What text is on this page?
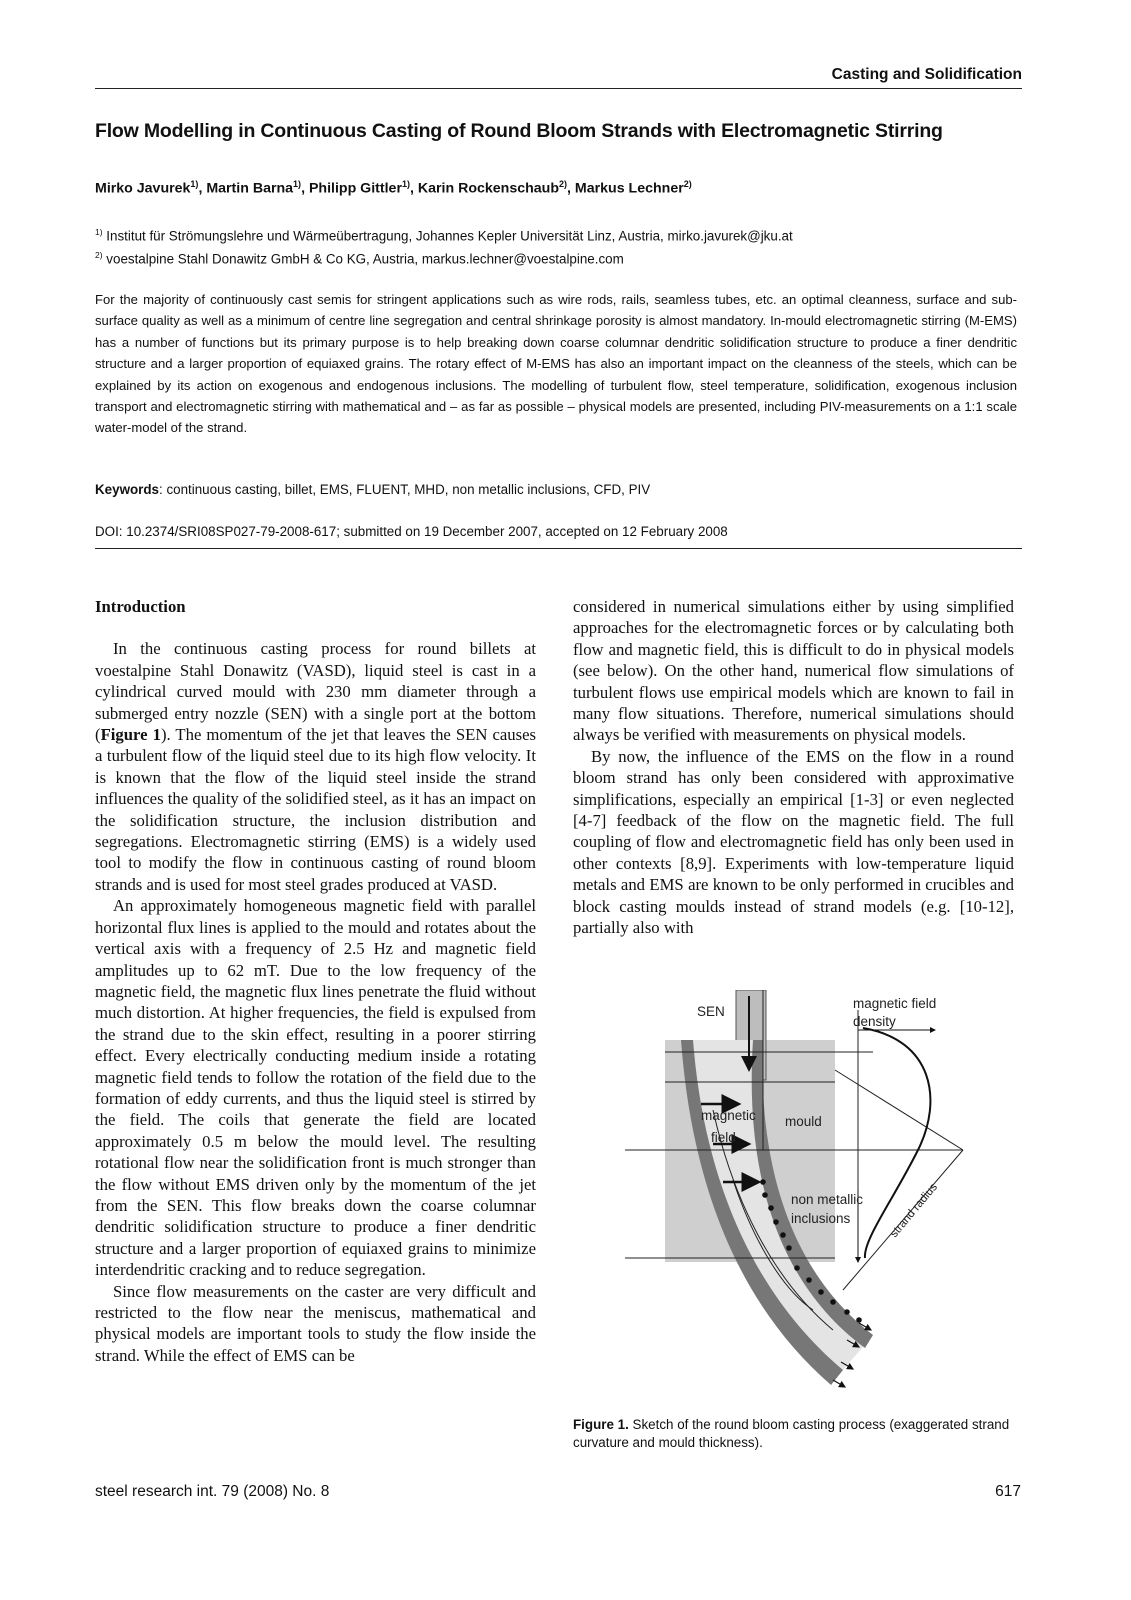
Casting and Solidification
Flow Modelling in Continuous Casting of Round Bloom Strands with Electromagnetic Stirring
Mirko Javurek$^{1)}$, Martin Barna$^{1)}$, Philipp Gittler$^{1)}$, Karin Rockenschaub$^{2)}$, Markus Lechner$^{2)}$
$^{1)}$ Institut für Strömungslehre und Wärmeübertragung, Johannes Kepler Universität Linz, Austria, mirko.javurek@jku.at
$^{2)}$ voestalpine Stahl Donawitz GmbH & Co KG, Austria, markus.lechner@voestalpine.com
For the majority of continuously cast semis for stringent applications such as wire rods, rails, seamless tubes, etc. an optimal cleanness, surface and sub-surface quality as well as a minimum of centre line segregation and central shrinkage porosity is almost mandatory. In-mould electromagnetic stirring (M-EMS) has a number of functions but its primary purpose is to help breaking down coarse columnar dendritic solidification structure to produce a finer dendritic structure and a larger proportion of equiaxed grains. The rotary effect of M-EMS has also an important impact on the cleanness of the steels, which can be explained by its action on exogenous and endogenous inclusions. The modelling of turbulent flow, steel temperature, solidification, exogenous inclusion transport and electromagnetic stirring with mathematical and – as far as possible – physical models are presented, including PIV-measurements on a 1:1 scale water-model of the strand.
Keywords: continuous casting, billet, EMS, FLUENT, MHD, non metallic inclusions, CFD, PIV
DOI: 10.2374/SRI08SP027-79-2008-617; submitted on 19 December 2007, accepted on 12 February 2008

Introduction

In the continuous casting process for round billets at voestalpine Stahl Donawitz (VASD), liquid steel is cast in a cylindrical curved mould with 230 mm diameter through a submerged entry nozzle (SEN) with a single port at the bottom (Figure 1). The momentum of the jet that leaves the SEN causes a turbulent flow of the liquid steel due to its high flow velocity. It is known that the flow of the liquid steel inside the strand influences the quality of the solidified steel, as it has an impact on the solidification structure, the inclusion distribution and segregations. Electromagnetic stirring (EMS) is a widely used tool to modify the flow in continuous casting of round bloom strands and is used for most steel grades produced at VASD.

An approximately homogeneous magnetic field with parallel horizontal flux lines is applied to the mould and rotates about the vertical axis with a frequency of 2.5 Hz and magnetic field amplitudes up to 62 mT. Due to the low frequency of the magnetic field, the magnetic flux lines penetrate the fluid without much distortion. At higher frequencies, the field is expulsed from the strand due to the skin effect, resulting in a poorer stirring effect. Every electrically conducting medium inside a rotating magnetic field tends to follow the rotation of the field due to the formation of eddy currents, and thus the liquid steel is stirred by the field. The coils that generate the field are located approximately 0.5 m below the mould level. The resulting rotational flow near the solidification front is much stronger than the flow without EMS driven only by the momentum of the jet from the SEN. This flow breaks down the coarse columnar dendritic solidification structure to produce a finer dendritic structure and a larger proportion of equiaxed grains to minimize interdendritic cracking and to reduce segregation.

Since flow measurements on the caster are very difficult and restricted to the flow near the meniscus, mathematical and physical models are important tools to study the flow inside the strand. While the effect of EMS can be

considered in numerical simulations either by using simplified approaches for the electromagnetic forces or by calculating both flow and magnetic field, this is difficult to do in physical models (see below). On the other hand, numerical flow simulations of turbulent flows use empirical models which are known to fail in many flow situations. Therefore, numerical simulations should always be verified with measurements on physical models.

By now, the influence of the EMS on the flow in a round bloom strand has only been considered with approximative simplifications, especially an empirical [1-3] or even neglected [4-7] feedback of the flow on the magnetic field. The full coupling of flow and electromagnetic field has only been used in other contexts [8,9]. Experiments with low-temperature liquid metals and EMS are known to be only performed in crucibles and block casting moulds instead of strand models (e.g. [10-12], partially also with

SEN
magnetic field
density
magnetic
field
mould
non metallic
inclusions	strand radius
Figure 1. Sketch of the round bloom casting process (exaggerated strand curvature and mould thickness).
steel research int. 79 (2008) No. 8	617
